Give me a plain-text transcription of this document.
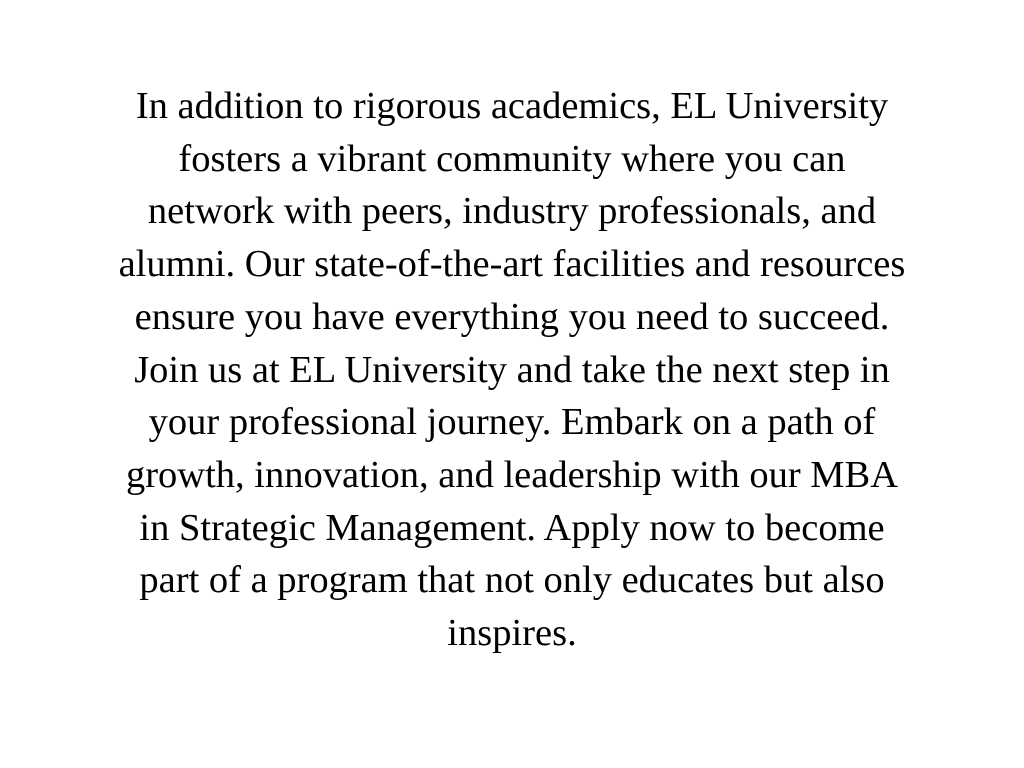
In addition to rigorous academics, EL University
fosters a vibrant community where you can
network with peers, industry professionals, and
alumni. Our state-of-the-art facilities and resources
ensure you have everything you need to succeed.
Join us at EL University and take the next step in
your professional journey. Embark on a path of
growth, innovation, and leadership with our MBA
in Strategic Management. Apply now to become
part of a program that not only educates but also
inspires.
